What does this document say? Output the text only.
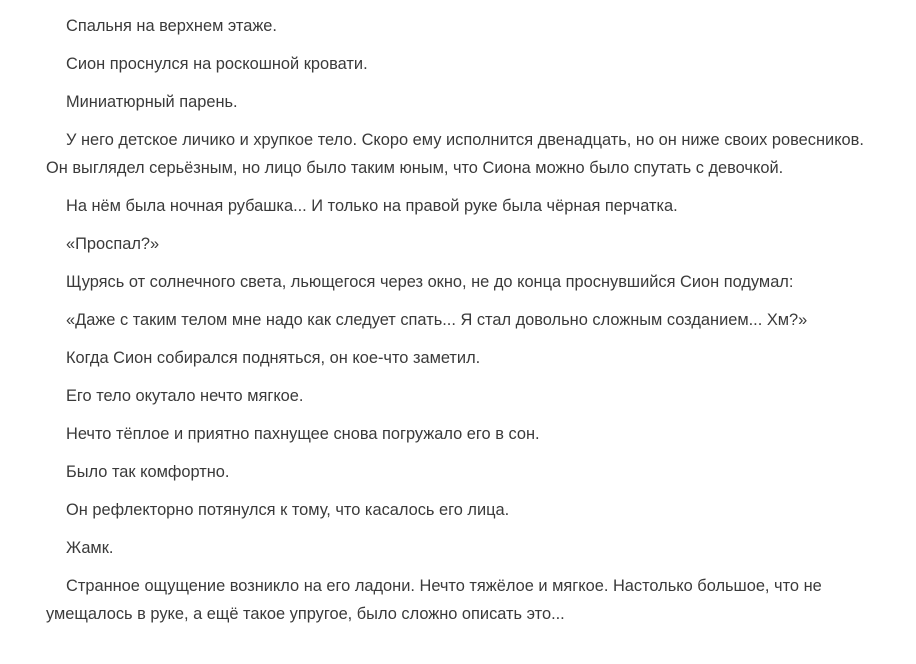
Спальня на верхнем этаже.

Сион проснулся на роскошной кровати.

Миниатюрный парень.

У него детское личико и хрупкое тело. Скоро ему исполнится двенадцать, но он ниже своих ровесников. Он выглядел серьёзным, но лицо было таким юным, что Сиона можно было спутать с девочкой.

На нём была ночная рубашка... И только на правой руке была чёрная перчатка.

«Проспал?»

Щурясь от солнечного света, льющегося через окно, не до конца проснувшийся Сион подумал:

«Даже с таким телом мне надо как следует спать... Я стал довольно сложным созданием... Хм?»

Когда Сион собирался подняться, он кое-что заметил.

Его тело окутало нечто мягкое.

Нечто тёплое и приятно пахнущее снова погружало его в сон.

Было так комфортно.

Он рефлекторно потянулся к тому, что касалось его лица.

Жамк.

Странное ощущение возникло на его ладони. Нечто тяжёлое и мягкое. Настолько большое, что не умещалось в руке, а ещё такое упругое, было сложно описать это...
